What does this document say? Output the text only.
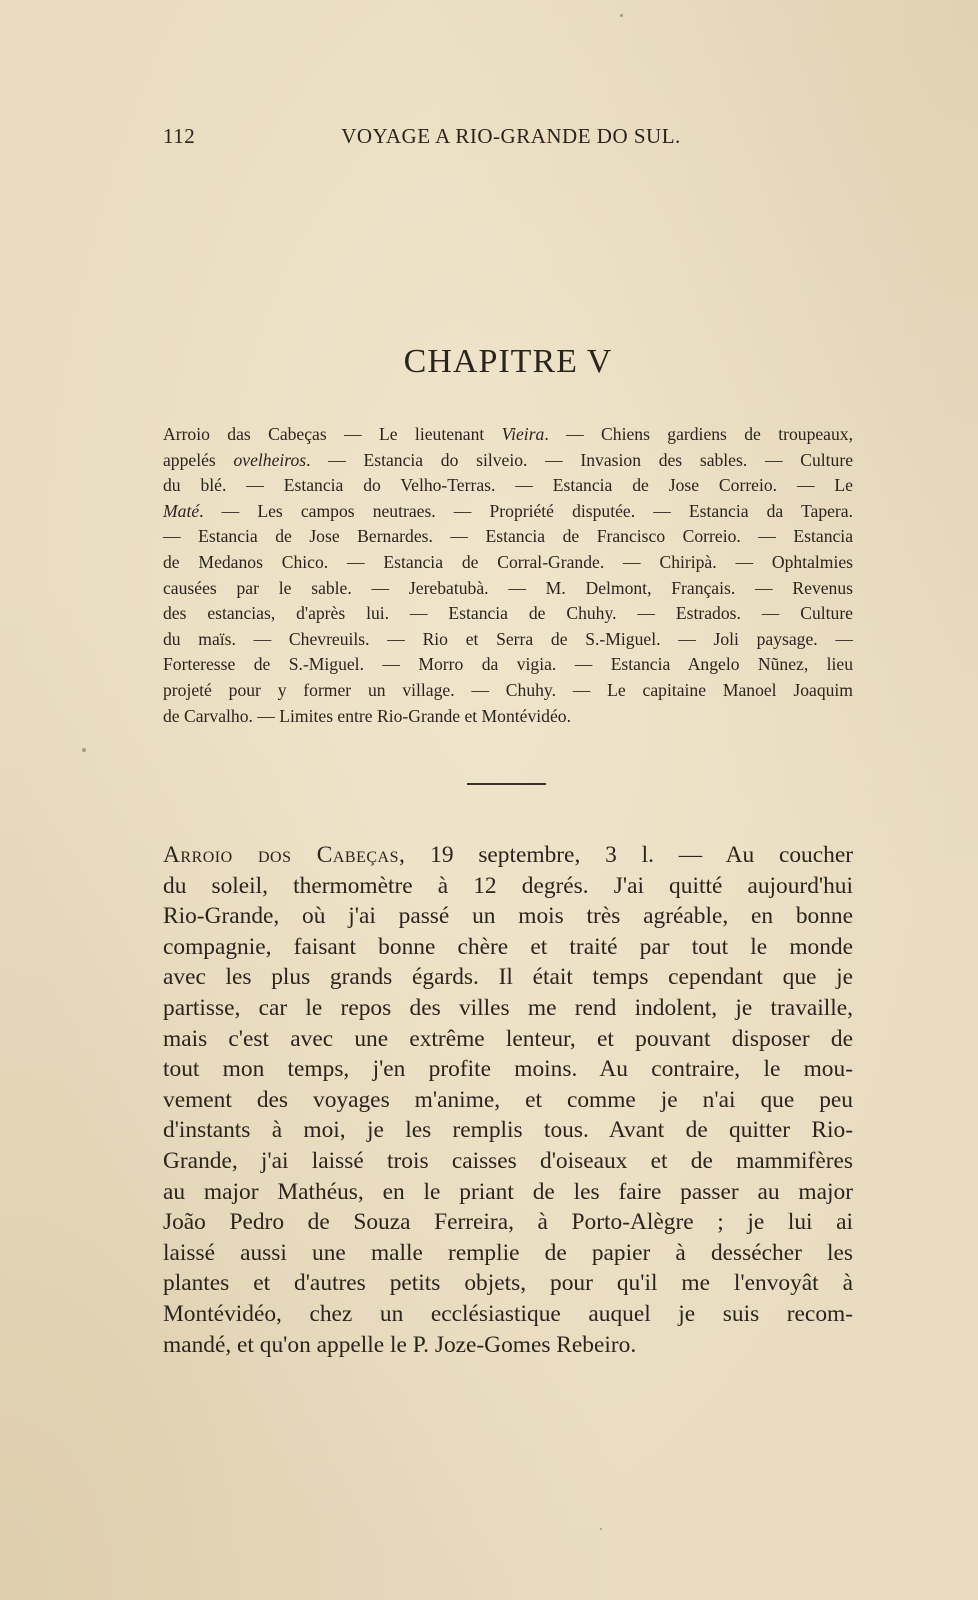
112	VOYAGE A RIO-GRANDE DO SUL.
CHAPITRE V
Arroio das Cabeças — Le lieutenant Vieira. — Chiens gardiens de troupeaux,
appelés ovelheiros. — Estancia do silveio. — Invasion des sables. — Culture
du blé. — Estancia do Velho-Terras. — Estancia de Jose Correio. — Le
Maté. — Les campos neutraes. — Propriété disputée. — Estancia da Tapera.
— Estancia de Jose Bernardes. — Estancia de Francisco Correio. — Estancia
de Medanos Chico. — Estancia de Corral-Grande. — Chiripà. — Ophtalmies
causées par le sable. — Jerebatubà. — M. Delmont, Français. — Revenus
des estancias, d'après lui. — Estancia de Chuhy. — Estrados. — Culture
du maïs. — Chevreuils. — Rio et Serra de S.-Miguel. — Joli paysage. —
Forteresse de S.-Miguel. — Morro da vigia. — Estancia Angelo Nũnez, lieu
projeté pour y former un village. — Chuhy. — Le capitaine Manoel Joaquim
de Carvalho. — Limites entre Rio-Grande et Montévidéo.
Arroio dos Cabeças, 19 septembre, 3 l. — Au coucher
du soleil, thermomètre à 12 degrés. J'ai quitté aujourd'hui
Rio-Grande, où j'ai passé un mois très agréable, en bonne
compagnie, faisant bonne chère et traité par tout le monde
avec les plus grands égards. Il était temps cependant que je
partisse, car le repos des villes me rend indolent, je travaille,
mais c'est avec une extrême lenteur, et pouvant disposer de
tout mon temps, j'en profite moins. Au contraire, le mou-
vement des voyages m'anime, et comme je n'ai que peu
d'instants à moi, je les remplis tous. Avant de quitter Rio-
Grande, j'ai laissé trois caisses d'oiseaux et de mammifères
au major Mathéus, en le priant de les faire passer au major
João Pedro de Souza Ferreira, à Porto-Alègre ; je lui ai
laissé aussi une malle remplie de papier à dessécher les
plantes et d'autres petits objets, pour qu'il me l'envoyât à
Montévidéo, chez un ecclésiastique auquel je suis recom-
mandé, et qu'on appelle le P. Joze-Gomes Rebeiro.
